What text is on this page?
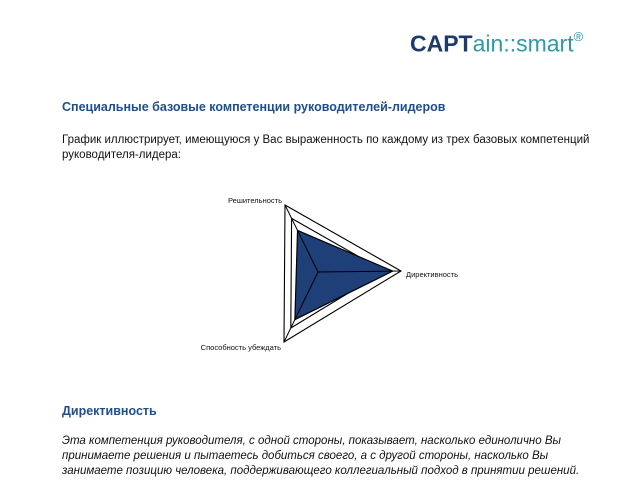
CAPTain::smart®
Специальные базовые компетенции руководителей-лидеров
График иллюстрирует, имеющуюся у Вас выраженность по каждому из трех базовых компетенций
руководителя-лидера:
Решительность
Директивность
Способность убеждать
Директивность
Эта компетенция руководителя, с одной стороны, показывает, насколько единолично Вы
принимаете решения и пытаетесь добиться своего, а с другой стороны, насколько Вы
занимаете позицию человека, поддерживающего коллегиальный подход в принятии решений.
